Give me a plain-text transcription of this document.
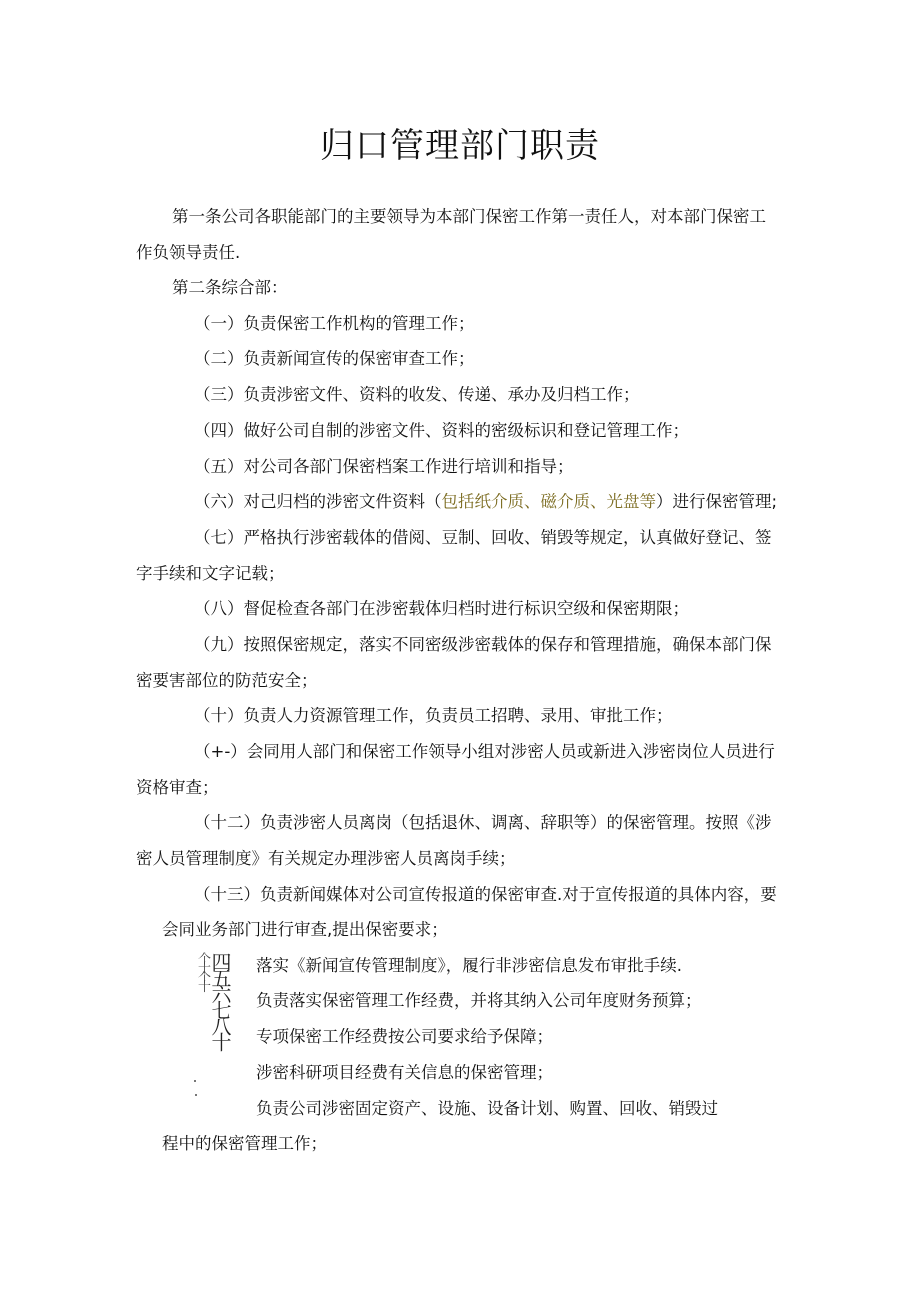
归口管理部门职责

第一条公司各职能部门的主要领导为本部门保密工作第一责任人，对本部门保密工

作负领导责任.

第二条综合部：

（一）负责保密工作机构的管理工作；

（二）负责新闻宣传的保密审查工作；

（三）负责涉密文件、资料的收发、传递、承办及归档工作；

（四）做好公司自制的涉密文件、资料的密级标识和登记管理工作；

（五）对公司各部门保密档案工作进行培训和指导；

（六）对己归档的涉密文件资料（包括纸介质、磁介质、光盘等）进行保密管理;

（七）严格执行涉密载体的借阅、豆制、回收、销毁等规定，认真做好登记、签

字手续和文字记载；

（八）督促检查各部门在涉密载体归档时进行标识空级和保密期限；

（九）按照保密规定，落实不同密级涉密载体的保存和管理措施，确保本部门保

密要害部位的防范安全；

（十）负责人力资源管理工作，负责员工招聘、录用、审批工作；

（+-）会同用人部门和保密工作领导小组对涉密人员或新进入涉密岗位人员进行

资格审查；

（十二）负责涉密人员离岗（包括退休、调离、辞职等）的保密管理。按照《涉

密人员管理制度》有关规定办理涉密人员离岗手续；

（十三）负责新闻媒体对公司宣传报道的保密审查.对于宣传报道的具体内容，要

会同业务部门进行审查,提出保密要求；

个十  个十
四五六七八十 落实《新闻宣传管理制度》，履行非涉密信息发布审批手续.

负责落实保密管理工作经费，并将其纳入公司年度财务预算；

专项保密工作经费按公司要求给予保障；

涉密科研项目经费有关信息的保密管理；

负责公司涉密固定资产、设施、设备计划、购置、回收、销毁过

程中的保密管理工作；
